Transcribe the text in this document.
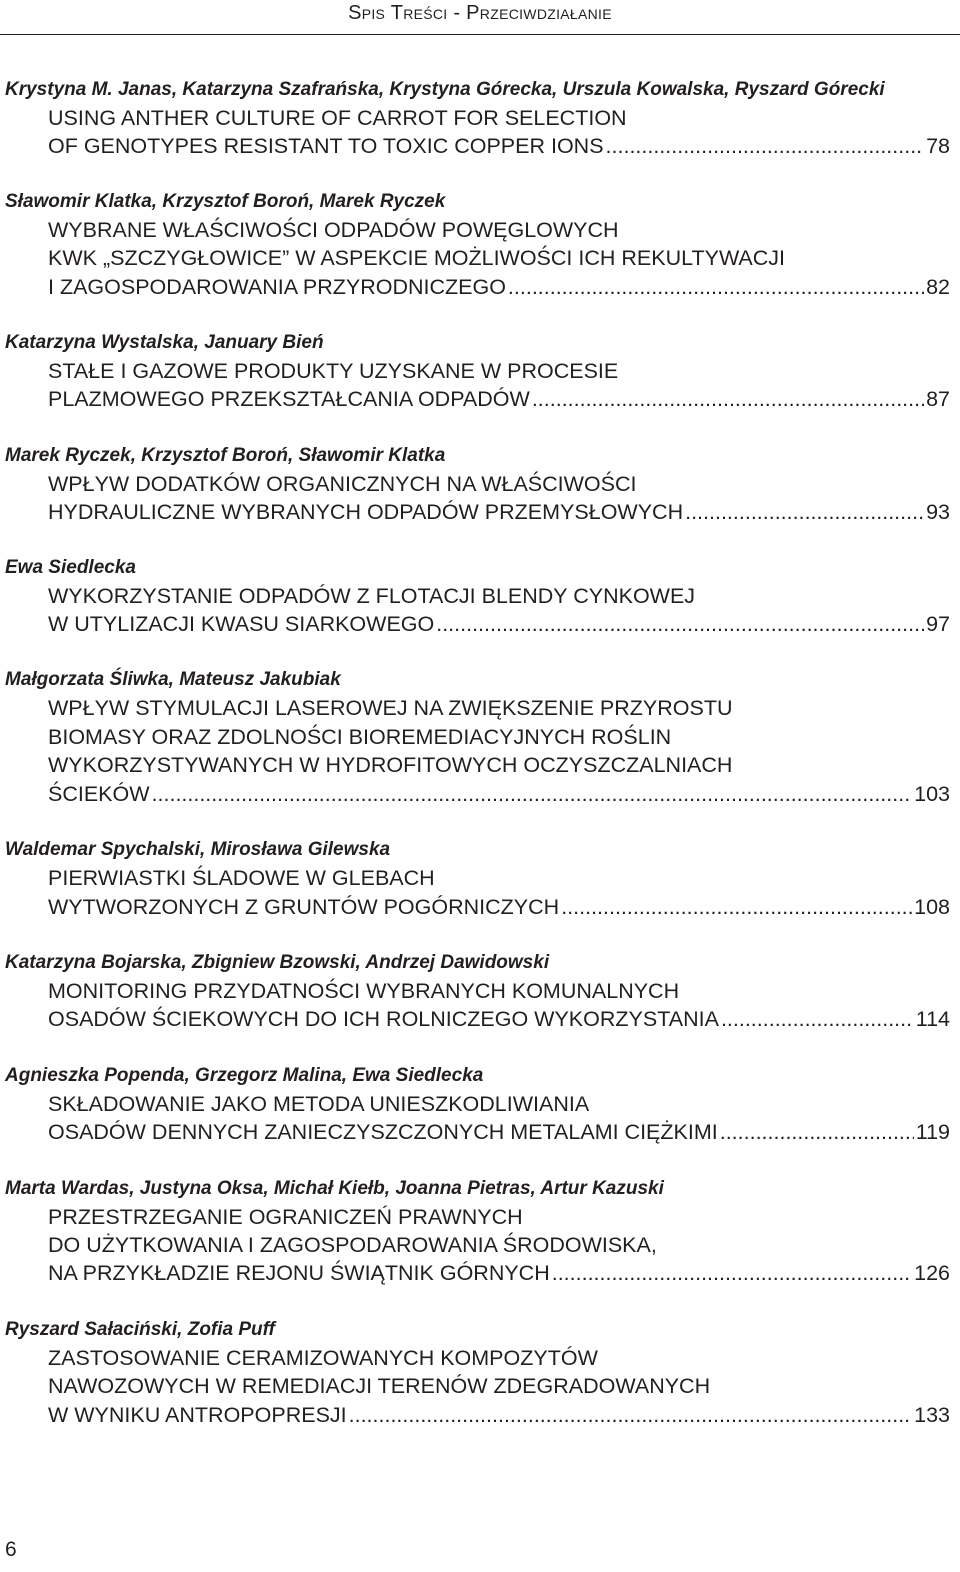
Spis Treści - Przeciwdziałanie
Krystyna M. Janas, Katarzyna Szafrańska, Krystyna Górecka, Urszula Kowalska, Ryszard Górecki
USING ANTHER CULTURE OF CARROT FOR SELECTION
OF GENOTYPES RESISTANT TO TOXIC COPPER IONS .....	78
Sławomir Klatka, Krzysztof Boroń, Marek Ryczek
WYBRANE WŁAŚCIWOŚCI ODPADÓW POWĘGLOWYCH
KWK „SZCZYGŁOWICE” W ASPEKCIE MOŻLIWOŚCI ICH REKULTYWACJI
I ZAGOSPODAROWANIA PRZYRODNICZEGO .....	82
Katarzyna Wystalska, January Bień
STAŁE I GAZOWE PRODUKTY UZYSKANE W PROCESIE
PLAZMOWEGO PRZEKSZTAŁCANIA ODPADÓW .....	87
Marek Ryczek, Krzysztof Boroń, Sławomir Klatka
WPŁYW DODATKÓW ORGANICZNYCH NA WŁAŚCIWOŚCI
HYDRAULICZNE WYBRANYCH ODPADÓW PRZEMYSŁOWYCH .....	93
Ewa Siedlecka
WYKORZYSTANIE ODPADÓW Z FLOTACJI BLENDY CYNKOWEJ
W UTYLIZACJI KWASU SIARKOWEGO .....	97
Małgorzata Śliwka, Mateusz Jakubiak
WPŁYW STYMULACJI LASEROWEJ NA ZWIĘKSZENIE PRZYROSTU
BIOMASY ORAZ ZDOLNOŚCI BIOREMEDIACYJNYCH ROŚLIN
WYKORZYSTYWANYCH W HYDROFITOWYCH OCZYSZCZALNIACH
ŚCIEKÓW .....	103
Waldemar Spychalski, Mirosława Gilewska
PIERWIASTKI ŚLADOWE W GLEBACH
WYTWORZONYCH Z GRUNTÓW POGÓRNICZYCH .....	108
Katarzyna Bojarska, Zbigniew Bzowski, Andrzej Dawidowski
MONITORING PRZYDATNOŚCI WYBRANYCH KOMUNALNYCH
OSADÓW ŚCIEKOWYCH DO ICH ROLNICZEGO WYKORZYSTANIA .....	114
Agnieszka Popenda, Grzegorz Malina, Ewa Siedlecka
SKŁADOWANIE JAKO METODA UNIESZKODLIWIANIA
OSADÓW DENNYCH ZANIECZYSZCZONYCH METALAMI CIĘŻKIMI .....	119
Marta Wardas, Justyna Oksa, Michał Kiełb, Joanna Pietras, Artur Kazuski
PRZESTRZEGANIE OGRANICZEŃ PRAWNYCH
DO UŻYTKOWANIA I ZAGOSPODAROWANIA ŚRODOWISKA,
NA PRZYKŁADZIE REJONU ŚWIĄTNIK GÓRNYCH .....	126
Ryszard Sałaciński, Zofia Puff
ZASTOSOWANIE CERAMIZOWANYCH KOMPOZYTÓW
NAWOZOWYCH W REMEDIACJI TERENÓW ZDEGRADOWANYCH
W WYNIKU ANTROPOPRESJI .....	133
6
